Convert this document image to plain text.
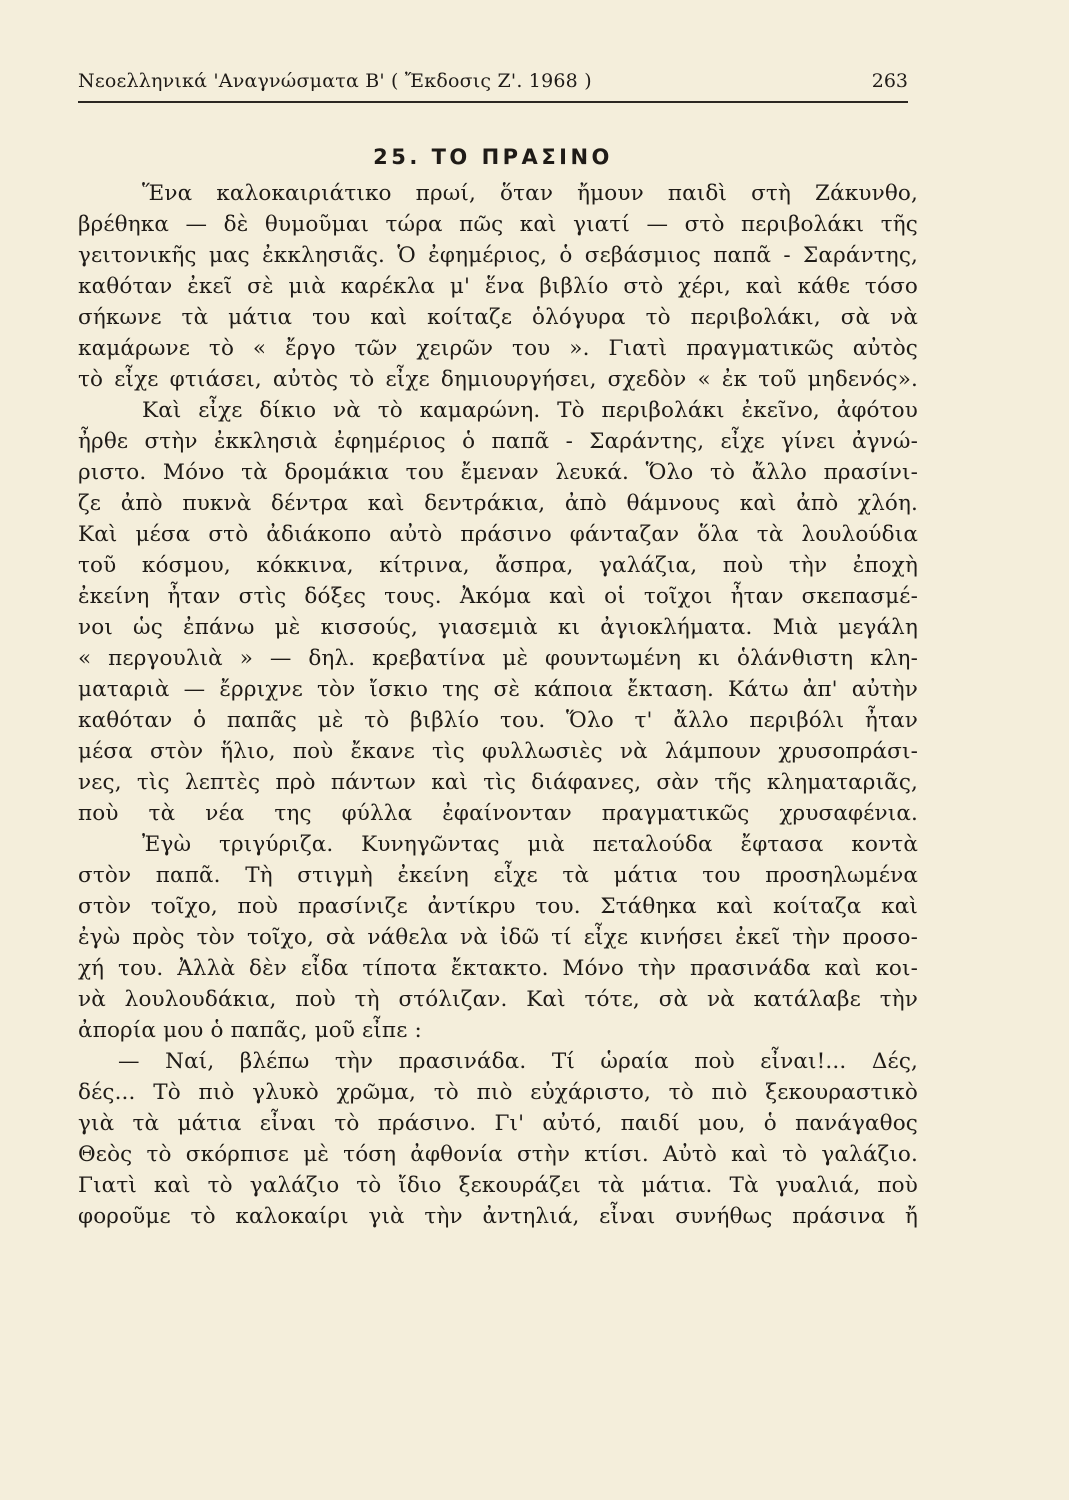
Νεοελληνικά 'Αναγνώσματα Β' ( Ἔκδοσις Ζ'. 1968 )	263
25. ΤΟ ΠΡΑΣΙΝΟ
Ἕνα καλοκαιριάτικο πρωί, ὅταν ἤμουν παιδὶ στὴ Ζάκυνθο,
βρέθηκα — δὲ θυμοῦμαι τώρα πῶς καὶ γιατί — στὸ περιβολάκι τῆς
γειτονικῆς μας ἐκκλησιᾶς. Ὁ ἐφημέριος, ὁ σεβάσμιος παπᾶ - Σαράντης,
καθόταν ἐκεῖ σὲ μιὰ καρέκλα μ' ἕνα βιβλίο στὸ χέρι, καὶ κάθε τόσο
σήκωνε τὰ μάτια του καὶ κοίταζε ὁλόγυρα τὸ περιβολάκι, σὰ νὰ
καμάρωνε τὸ « ἔργο τῶν χειρῶν του ». Γιατὶ πραγματικῶς αὐτὸς
τὸ εἶχε φτιάσει, αὐτὸς τὸ εἶχε δημιουργήσει, σχεδὸν « ἐκ τοῦ μηδενός».
Καὶ εἶχε δίκιο νὰ τὸ καμαρώνη. Τὸ περιβολάκι ἐκεῖνο, ἀφότου
ἦρθε στὴν ἐκκλησιὰ ἐφημέριος ὁ παπᾶ - Σαράντης, εἶχε γίνει ἀγνώ-
ριστο. Μόνο τὰ δρομάκια του ἔμεναν λευκά. Ὅλο τὸ ἄλλο πρασίνι-
ζε ἀπὸ πυκνὰ δέντρα καὶ δεντράκια, ἀπὸ θάμνους καὶ ἀπὸ χλόη.
Καὶ μέσα στὸ ἀδιάκοπο αὐτὸ πράσινο φάνταζαν ὅλα τὰ λουλούδια
τοῦ κόσμου, κόκκινα, κίτρινα, ἄσπρα, γαλάζια, ποὺ τὴν ἐποχὴ
ἐκείνη ἦταν στὶς δόξες τους. Ἀκόμα καὶ οἱ τοῖχοι ἦταν σκεπασμέ-
νοι ὡς ἐπάνω μὲ κισσούς, γιασεμιὰ κι ἀγιοκλήματα. Μιὰ μεγάλη
« περγουλιὰ » — δηλ. κρεβατίνα μὲ φουντωμένη κι ὁλάνθιστη κλη-
ματαριὰ — ἔρριχνε τὸν ἴσκιο της σὲ κάποια ἔκταση. Κάτω ἀπ' αὐτὴν
καθόταν ὁ παπᾶς μὲ τὸ βιβλίο του. Ὅλο τ' ἄλλο περιβόλι ἦταν
μέσα στὸν ἥλιο, ποὺ ἔκανε τὶς φυλλωσιὲς νὰ λάμπουν χρυσοπράσι-
νες, τὶς λεπτὲς πρὸ πάντων καὶ τὶς διάφανες, σὰν τῆς κληματαριᾶς,
ποὺ τὰ νέα της φύλλα ἐφαίνονταν πραγματικῶς χρυσαφένια.
Ἐγὼ τριγύριζα. Κυνηγῶντας μιὰ πεταλούδα ἔφτασα κοντὰ
στὸν παπᾶ. Τὴ στιγμὴ ἐκείνη εἶχε τὰ μάτια του προσηλωμένα
στὸν τοῖχο, ποὺ πρασίνιζε ἀντίκρυ του. Στάθηκα καὶ κοίταζα καὶ
ἐγὼ πρὸς τὸν τοῖχο, σὰ νάθελα νὰ ἰδῶ τί εἶχε κινήσει ἐκεῖ τὴν προσο-
χή του. Ἀλλὰ δὲν εἶδα τίποτα ἔκτακτο. Μόνο τὴν πρασινάδα καὶ κοι-
νὰ λουλουδάκια, ποὺ τὴ στόλιζαν. Καὶ τότε, σὰ νὰ κατάλαβε τὴν
ἀπορία μου ὁ παπᾶς, μοῦ εἶπε :
— Ναί, βλέπω τὴν πρασινάδα. Τί ὡραία ποὺ εἶναι!... Δές,
δές... Τὸ πιὸ γλυκὸ χρῶμα, τὸ πιὸ εὐχάριστο, τὸ πιὸ ξεκουραστικὸ
γιὰ τὰ μάτια εἶναι τὸ πράσινο. Γι' αὐτό, παιδί μου, ὁ πανάγαθος
Θεὸς τὸ σκόρπισε μὲ τόση ἀφθονία στὴν κτίσι. Αὐτὸ καὶ τὸ γαλάζιο.
Γιατὶ καὶ τὸ γαλάζιο τὸ ἴδιο ξεκουράζει τὰ μάτια. Τὰ γυαλιά, ποὺ
φοροῦμε τὸ καλοκαίρι γιὰ τὴν ἀντηλιά, εἶναι συνήθως πράσινα ἤ
